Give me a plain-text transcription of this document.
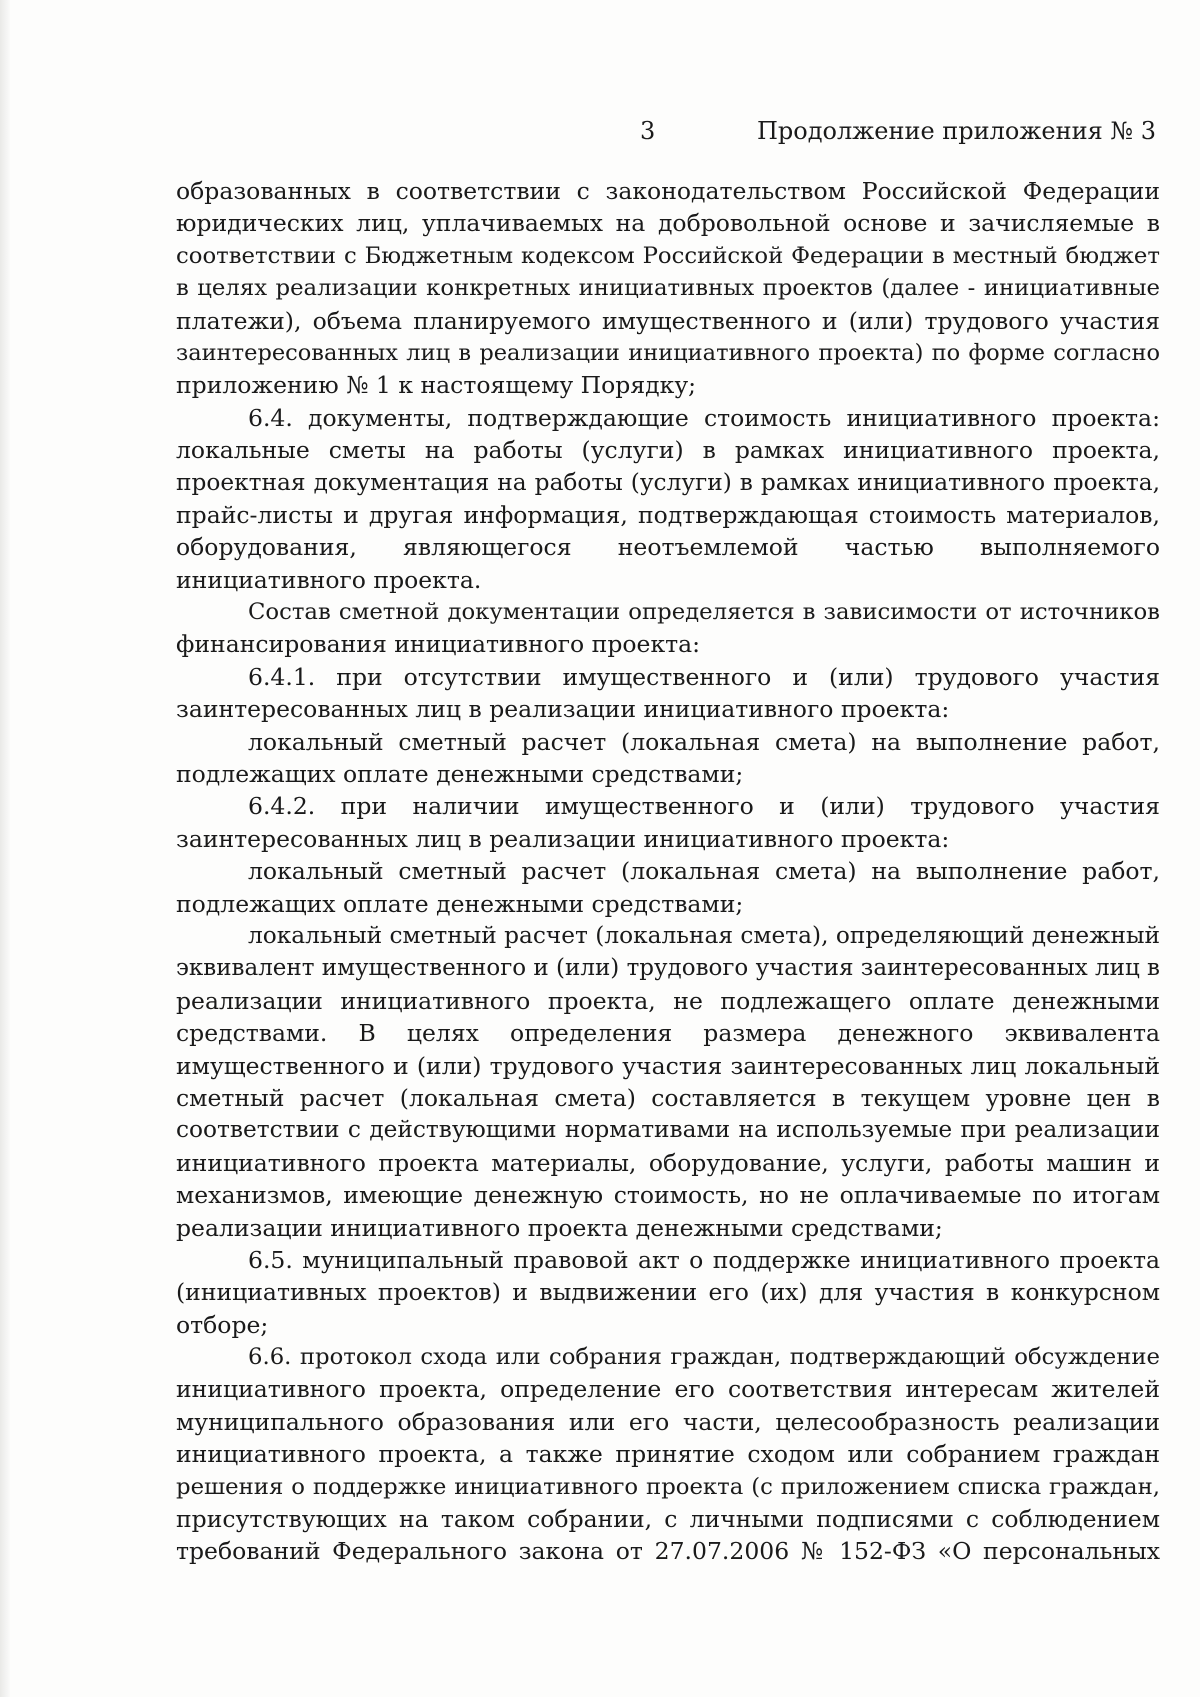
3	Продолжение приложения № 3
образованных в соответствии с законодательством Российской Федерации
юридических лиц, уплачиваемых на добровольной основе и зачисляемые в
соответствии с Бюджетным кодексом Российской Федерации в местный бюджет
в целях реализации конкретных инициативных проектов (далее - инициативные
платежи), объема планируемого имущественного и (или) трудового участия
заинтересованных лиц в реализации инициативного проекта) по форме согласно
приложению № 1 к настоящему Порядку;
6.4. документы, подтверждающие стоимость инициативного проекта:
локальные сметы на работы (услуги) в рамках инициативного проекта,
проектная документация на работы (услуги) в рамках инициативного проекта,
прайс-листы и другая информация, подтверждающая стоимость материалов,
оборудования, являющегося неотъемлемой частью выполняемого
инициативного проекта.
Состав сметной документации определяется в зависимости от источников
финансирования инициативного проекта:
6.4.1. при отсутствии имущественного и (или) трудового участия
заинтересованных лиц в реализации инициативного проекта:
локальный сметный расчет (локальная смета) на выполнение работ,
подлежащих оплате денежными средствами;
6.4.2. при наличии имущественного и (или) трудового участия
заинтересованных лиц в реализации инициативного проекта:
локальный сметный расчет (локальная смета) на выполнение работ,
подлежащих оплате денежными средствами;
локальный сметный расчет (локальная смета), определяющий денежный
эквивалент имущественного и (или) трудового участия заинтересованных лиц в
реализации инициативного проекта, не подлежащего оплате денежными
средствами. В целях определения размера денежного эквивалента
имущественного и (или) трудового участия заинтересованных лиц локальный
сметный расчет (локальная смета) составляется в текущем уровне цен в
соответствии с действующими нормативами на используемые при реализации
инициативного проекта материалы, оборудование, услуги, работы машин и
механизмов, имеющие денежную стоимость, но не оплачиваемые по итогам
реализации инициативного проекта денежными средствами;
6.5. муниципальный правовой акт о поддержке инициативного проекта
(инициативных проектов) и выдвижении его (их) для участия в конкурсном
отборе;
6.6. протокол схода или собрания граждан, подтверждающий обсуждение
инициативного проекта, определение его соответствия интересам жителей
муниципального образования или его части, целесообразность реализации
инициативного проекта, а также принятие сходом или собранием граждан
решения о поддержке инициативного проекта (с приложением списка граждан,
присутствующих на таком собрании, с личными подписями с соблюдением
требований Федерального закона от 27.07.2006 № 152-ФЗ «О персональных
